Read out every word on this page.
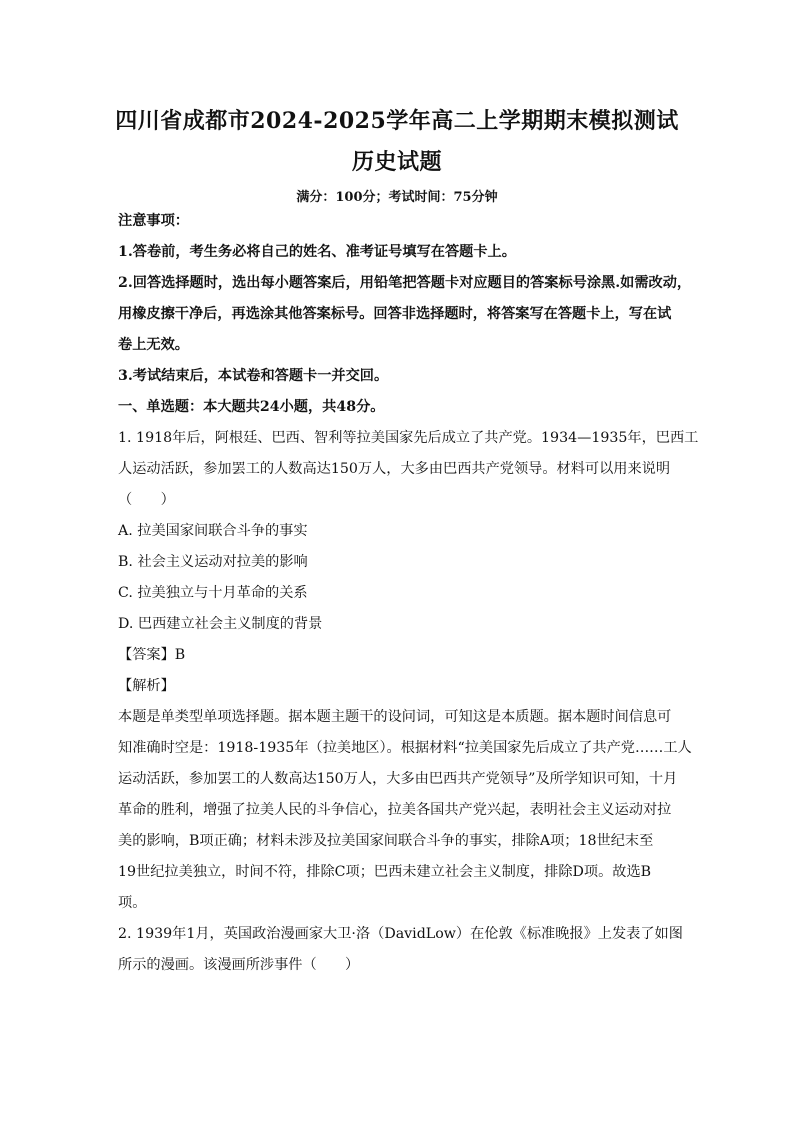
四川省成都市2024-2025学年高二上学期期末模拟测试
历史试题
满分：100分；考试时间：75分钟
注意事项：
1.答卷前，考生务必将自己的姓名、准考证号填写在答题卡上。
2.回答选择题时，选出每小题答案后，用铅笔把答题卡对应题目的答案标号涂黑.如需改动，
用橡皮擦干净后，再选涂其他答案标号。回答非选择题时，将答案写在答题卡上，写在试
卷上无效。
3.考试结束后，本试卷和答题卡一并交回。
一、单选题：本大题共24小题，共48分。
1. 1918年后，阿根廷、巴西、智利等拉美国家先后成立了共产党。1934—1935年，巴西工
人运动活跃，参加罢工的人数高达150万人，大多由巴西共产党领导。材料可以用来说明
（　　）
A. 拉美国家间联合斗争的事实
B. 社会主义运动对拉美的影响
C. 拉美独立与十月革命的关系
D. 巴西建立社会主义制度的背景
【答案】B
【解析】
本题是单类型单项选择题。据本题主题干的设问词，可知这是本质题。据本题时间信息可
知准确时空是：1918-1935年（拉美地区）。根据材料“拉美国家先后成立了共产党……工人
运动活跃，参加罢工的人数高达150万人，大多由巴西共产党领导”及所学知识可知，十月
革命的胜利，增强了拉美人民的斗争信心，拉美各国共产党兴起，表明社会主义运动对拉
美的影响，B项正确；材料未涉及拉美国家间联合斗争的事实，排除A项；18世纪末至
19世纪拉美独立，时间不符，排除C项；巴西未建立社会主义制度，排除D项。故选B
项。
2. 1939年1月，英国政治漫画家大卫·洛（DavidLow）在伦敦《标准晚报》上发表了如图
所示的漫画。该漫画所涉事件（　　）
